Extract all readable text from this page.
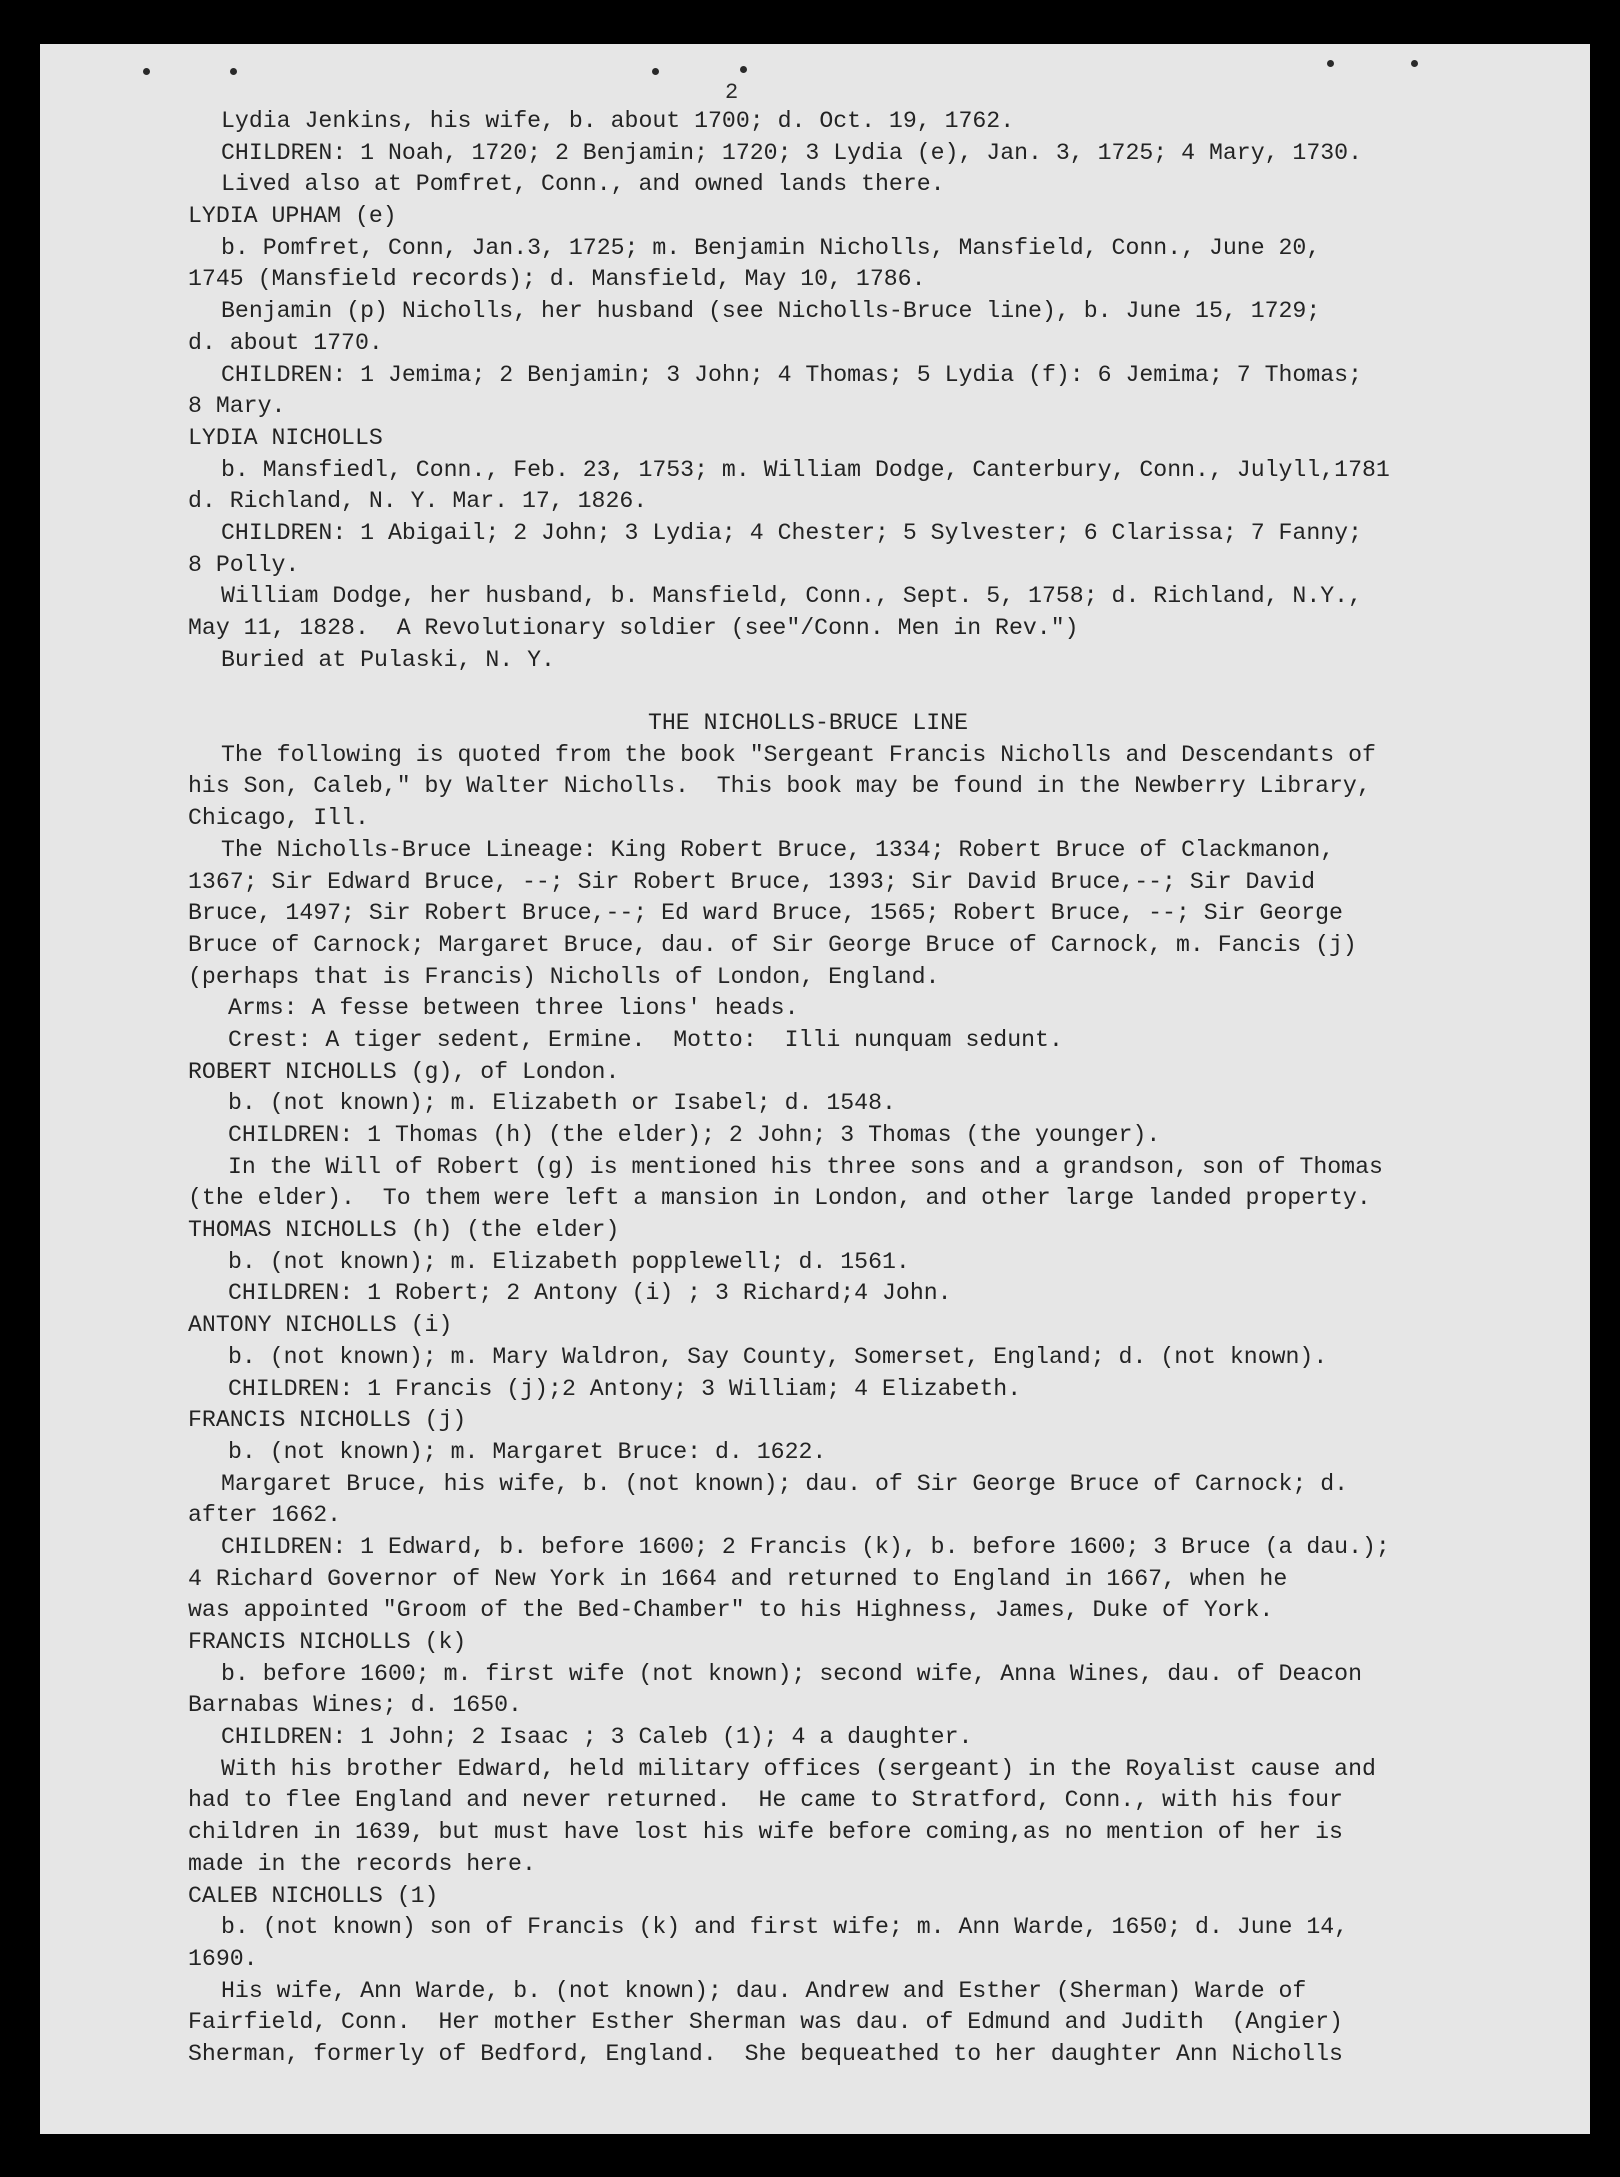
2
Lydia Jenkins, his wife, b. about 1700; d. Oct. 19, 1762.
CHILDREN: 1 Noah, 1720; 2 Benjamin; 1720; 3 Lydia (e), Jan. 3, 1725; 4 Mary, 1730.
Lived also at Pomfret, Conn., and owned lands there.
LYDIA UPHAM (e)
b. Pomfret, Conn, Jan.3, 1725; m. Benjamin Nicholls, Mansfield, Conn., June 20,
1745 (Mansfield records); d. Mansfield, May 10, 1786.
Benjamin (p) Nicholls, her husband (see Nicholls-Bruce line), b. June 15, 1729;
d. about 1770.
CHILDREN: 1 Jemima; 2 Benjamin; 3 John; 4 Thomas; 5 Lydia (f): 6 Jemima; 7 Thomas;
8 Mary.
LYDIA NICHOLLS
b. Mansfiedl, Conn., Feb. 23, 1753; m. William Dodge, Canterbury, Conn., Julyll,1781
d. Richland, N. Y. Mar. 17, 1826.
CHILDREN: 1 Abigail; 2 John; 3 Lydia; 4 Chester; 5 Sylvester; 6 Clarissa; 7 Fanny;
8 Polly.
William Dodge, her husband, b. Mansfield, Conn., Sept. 5, 1758; d. Richland, N.Y.,
May 11, 1828.  A Revolutionary soldier (see"/Conn. Men in Rev.")
Buried at Pulaski, N. Y.
THE NICHOLLS-BRUCE LINE
The following is quoted from the book "Sergeant Francis Nicholls and Descendants of
his Son, Caleb," by Walter Nicholls.  This book may be found in the Newberry Library,
Chicago, Ill.
The Nicholls-Bruce Lineage: King Robert Bruce, 1334; Robert Bruce of Clackmanon,
1367; Sir Edward Bruce, --; Sir Robert Bruce, 1393; Sir David Bruce,--; Sir David
Bruce, 1497; Sir Robert Bruce,--; Ed ward Bruce, 1565; Robert Bruce, --; Sir George
Bruce of Carnock; Margaret Bruce, dau. of Sir George Bruce of Carnock, m. Fancis (j)
(perhaps that is Francis) Nicholls of London, England.
Arms: A fesse between three lions' heads.
Crest: A tiger sedent, Ermine.  Motto:  Illi nunquam sedunt.
ROBERT NICHOLLS (g), of London.
b. (not known); m. Elizabeth or Isabel; d. 1548.
CHILDREN: 1 Thomas (h) (the elder); 2 John; 3 Thomas (the younger).
In the Will of Robert (g) is mentioned his three sons and a grandson, son of Thomas
(the elder).  To them were left a mansion in London, and other large landed property.
THOMAS NICHOLLS (h) (the elder)
b. (not known); m. Elizabeth popplewell; d. 1561.
CHILDREN: 1 Robert; 2 Antony (i) ; 3 Richard;4 John.
ANTONY NICHOLLS (i)
b. (not known); m. Mary Waldron, Say County, Somerset, England; d. (not known).
CHILDREN: 1 Francis (j);2 Antony; 3 William; 4 Elizabeth.
FRANCIS NICHOLLS (j)
b. (not known); m. Margaret Bruce: d. 1622.
Margaret Bruce, his wife, b. (not known); dau. of Sir George Bruce of Carnock; d.
after 1662.
CHILDREN: 1 Edward, b. before 1600; 2 Francis (k), b. before 1600; 3 Bruce (a dau.);
4 Richard Governor of New York in 1664 and returned to England in 1667, when he
was appointed "Groom of the Bed-Chamber" to his Highness, James, Duke of York.
FRANCIS NICHOLLS (k)
b. before 1600; m. first wife (not known); second wife, Anna Wines, dau. of Deacon
Barnabas Wines; d. 1650.
CHILDREN: 1 John; 2 Isaac ; 3 Caleb (1); 4 a daughter.
With his brother Edward, held military offices (sergeant) in the Royalist cause and
had to flee England and never returned.  He came to Stratford, Conn., with his four
children in 1639, but must have lost his wife before coming,as no mention of her is
made in the records here.
CALEB NICHOLLS (1)
b. (not known) son of Francis (k) and first wife; m. Ann Warde, 1650; d. June 14,
1690.
His wife, Ann Warde, b. (not known); dau. Andrew and Esther (Sherman) Warde of
Fairfield, Conn.  Her mother Esther Sherman was dau. of Edmund and Judith  (Angier)
Sherman, formerly of Bedford, England.  She bequeathed to her daughter Ann Nicholls
